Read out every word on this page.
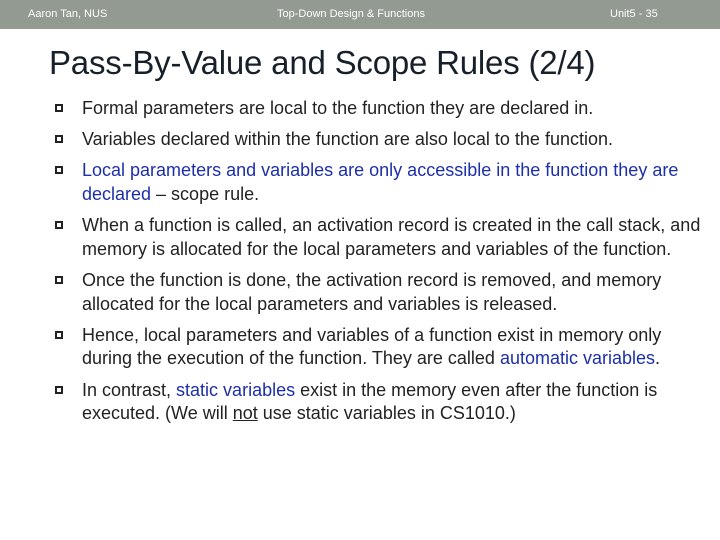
Aaron Tan, NUS	Top-Down Design & Functions	Unit5 - 35
Pass-By-Value and Scope Rules (2/4)
Formal parameters are local to the function they are declared in.
Variables declared within the function are also local to the function.
Local parameters and variables are only accessible in the function they are declared – scope rule.
When a function is called, an activation record is created in the call stack, and memory is allocated for the local parameters and variables of the function.
Once the function is done, the activation record is removed, and memory allocated for the local parameters and variables is released.
Hence, local parameters and variables of a function exist in memory only during the execution of the function. They are called automatic variables.
In contrast, static variables exist in the memory even after the function is executed. (We will not use static variables in CS1010.)
